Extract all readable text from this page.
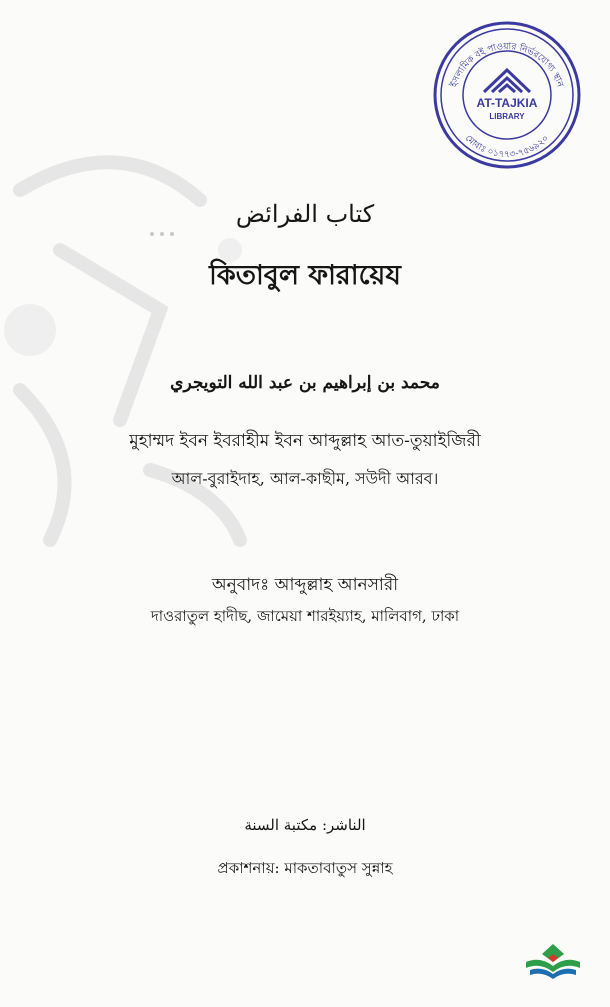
ইসলামিক বই পাওয়ার নির্ভরযোগ্য স্থান
মোবাঃ ০১৭৭৩-৭৫৬৯২০
AT-TAJKIA
LIBRARY
كتاب الفرائض
কিতাবুল ফারায়েয
محمد بن إبراهيم بن عبد الله التويجري
মুহাম্মদ ইবন ইবরাহীম ইবন আব্দুল্লাহ আত-তুয়াইজিরী
আল-বুরাইদাহ, আল-কাছীম, সউদী আরব।
অনুবাদঃ আব্দুল্লাহ আনসারী
দাওরাতুল হাদীছ, জামেয়া শারইয়্যাহ, মালিবাগ, ঢাকা
الناشر: مكتبة السنة
প্রকাশনায়: মাকতাবাতুস সুন্নাহ
